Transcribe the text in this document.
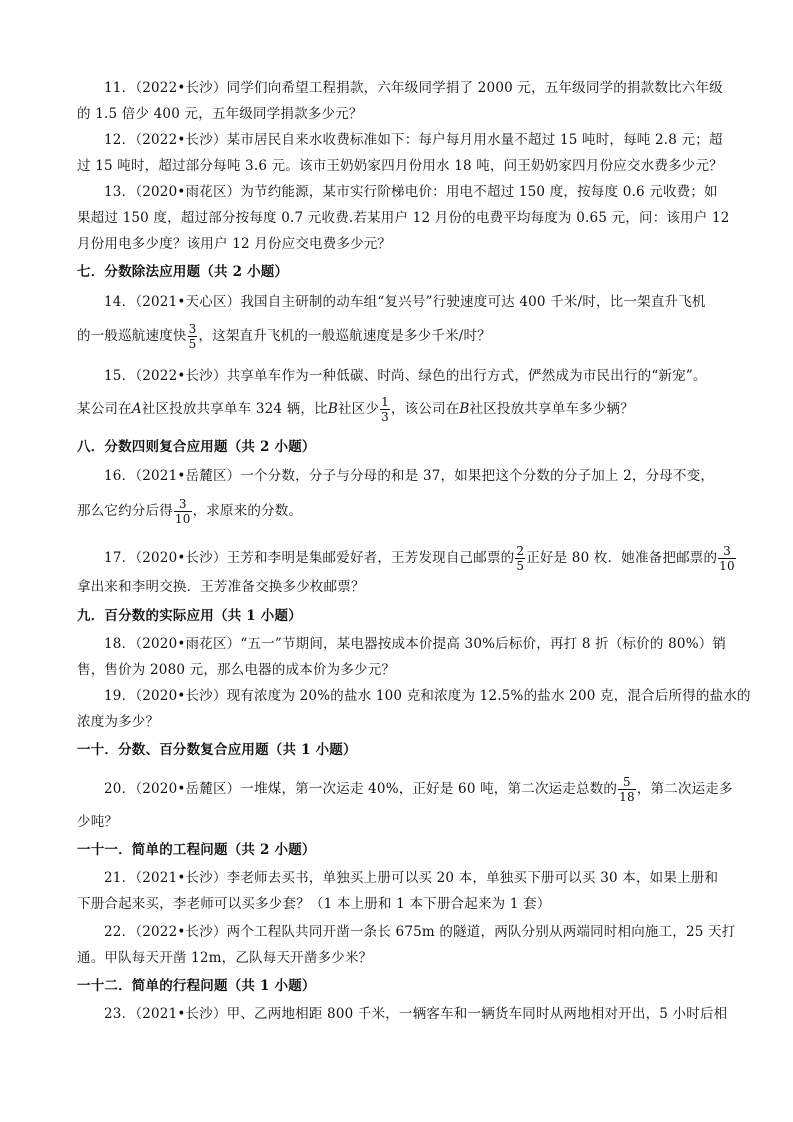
11．（2022•长沙）同学们向希望工程捐款，六年级同学捐了 2000 元，五年级同学的捐款数比六年级
的 1.5 倍少 400 元，五年级同学捐款多少元？
12．（2022•长沙）某市居民自来水收费标准如下：每户每月用水量不超过 15 吨时，每吨 2.8 元；超
过 15 吨时，超过部分每吨 3.6 元。该市王奶奶家四月份用水 18 吨，问王奶奶家四月份应交水费多少元？
13．（2020•雨花区）为节约能源，某市实行阶梯电价：用电不超过 150 度，按每度 0.6 元收费；如
果超过 150 度，超过部分按每度 0.7 元收费.若某用户 12 月份的电费平均每度为 0.65 元，问：该用户 12
月份用电多少度？该用户 12 月份应交电费多少元？
七．分数除法应用题（共 2 小题）
14．（2021•天心区）我国自主研制的动车组“复兴号”行驶速度可达 400 千米/时，比一架直升飞机
的一般巡航速度快 $\frac{3}{5}$ ，这架直升飞机的一般巡航速度是多少千米/时？
15．（2022•长沙）共享单车作为一种低碳、时尚、绿色的出行方式，俨然成为市民出行的“新宠”。
某公司在A社区投放共享单车 324 辆，比B社区少 $\frac{1}{3}$ ，该公司在B社区投放共享单车多少辆？
八．分数四则复合应用题（共 2 小题）
16．（2021•岳麓区）一个分数，分子与分母的和是 37，如果把这个分数的分子加上 2，分母不变，
那么它约分后得 $\frac{3}{10}$ ，求原来的分数。
17．（2020•长沙）王芳和李明是集邮爱好者，王芳发现自己邮票的 $\frac{2}{5}$ 正好是 80 枚．她准备把邮票的 $\frac{3}{10}$
拿出来和李明交换．王芳准备交换多少枚邮票？
九．百分数的实际应用（共 1 小题）
18．（2020•雨花区）“五一”节期间，某电器按成本价提高 30%后标价，再打 8 折（标价的 80%）销
售，售价为 2080 元，那么电器的成本价为多少元？
19．（2020•长沙）现有浓度为 20%的盐水 100 克和浓度为 12.5%的盐水 200 克，混合后所得的盐水的
浓度为多少？
一十．分数、百分数复合应用题（共 1 小题）
20．（2020•岳麓区）一堆煤，第一次运走 40%，正好是 60 吨，第二次运走总数的 $\frac{5}{18}$ ，第二次运走多
少吨？
一十一．简单的工程问题（共 2 小题）
21．（2021•长沙）李老师去买书，单独买上册可以买 20 本，单独买下册可以买 30 本，如果上册和
下册合起来买，李老师可以买多少套？（1 本上册和 1 本下册合起来为 1 套）
22．（2022•长沙）两个工程队共同开凿一条长 675m 的隧道，两队分别从两端同时相向施工，25 天打
通。甲队每天开凿 12m，乙队每天开凿多少米？
一十二．简单的行程问题（共 1 小题）
23．（2021•长沙）甲、乙两地相距 800 千米，一辆客车和一辆货车同时从两地相对开出，5 小时后相
